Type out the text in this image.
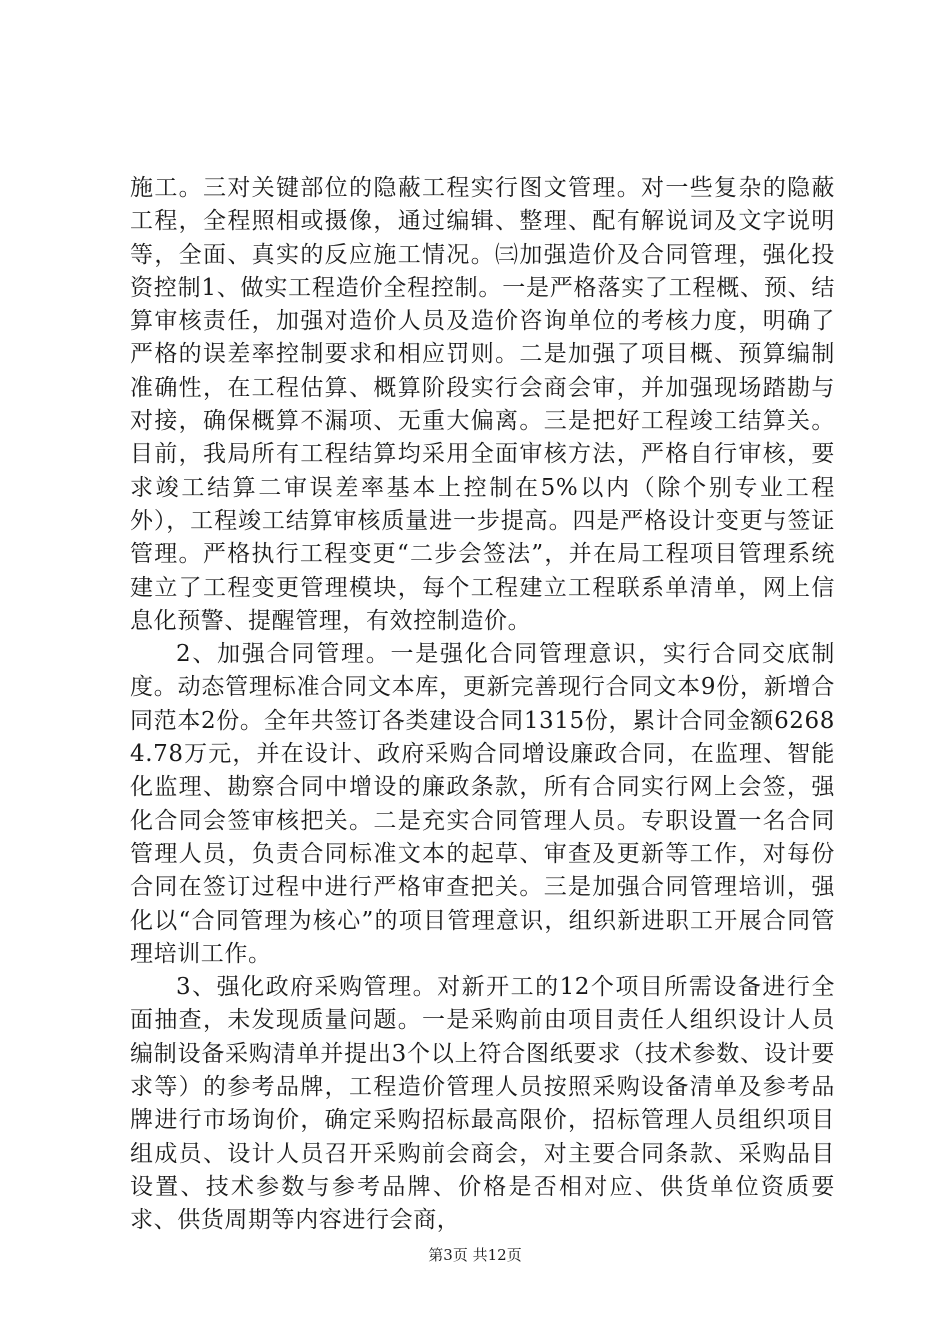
施工。三对关键部位的隐蔽工程实行图文管理。对一些复杂的隐蔽工程，全程照相或摄像，通过编辑、整理、配有解说词及文字说明等，全面、真实的反应施工情况。㈢加强造价及合同管理，强化投资控制1、做实工程造价全程控制。一是严格落实了工程概、预、结算审核责任，加强对造价人员及造价咨询单位的考核力度，明确了严格的误差率控制要求和相应罚则。二是加强了项目概、预算编制准确性，在工程估算、概算阶段实行会商会审，并加强现场踏勘与对接，确保概算不漏项、无重大偏离。三是把好工程竣工结算关。目前，我局所有工程结算均采用全面审核方法，严格自行审核，要求竣工结算二审误差率基本上控制在5%以内（除个别专业工程外），工程竣工结算审核质量进一步提高。四是严格设计变更与签证管理。严格执行工程变更“二步会签法”，并在局工程项目管理系统建立了工程变更管理模块，每个工程建立工程联系单清单，网上信息化预警、提醒管理，有效控制造价。

2、加强合同管理。一是强化合同管理意识，实行合同交底制度。动态管理标准合同文本库，更新完善现行合同文本9份，新增合同范本2份。全年共签订各类建设合同1315份，累计合同金额62684.78万元，并在设计、政府采购合同增设廉政合同，在监理、智能化监理、勘察合同中增设的廉政条款，所有合同实行网上会签，强化合同会签审核把关。二是充实合同管理人员。专职设置一名合同管理人员，负责合同标准文本的起草、审查及更新等工作，对每份合同在签订过程中进行严格审查把关。三是加强合同管理培训，强化以“合同管理为核心”的项目管理意识，组织新进职工开展合同管理培训工作。

3、强化政府采购管理。对新开工的12个项目所需设备进行全面抽查，未发现质量问题。一是采购前由项目责任人组织设计人员编制设备采购清单并提出3个以上符合图纸要求（技术参数、设计要求等）的参考品牌，工程造价管理人员按照采购设备清单及参考品牌进行市场询价，确定采购招标最高限价，招标管理人员组织项目组成员、设计人员召开采购前会商会，对主要合同条款、采购品目设置、技术参数与参考品牌、价格是否相对应、供货单位资质要求、供货周期等内容进行会商，

第3页 共12页
